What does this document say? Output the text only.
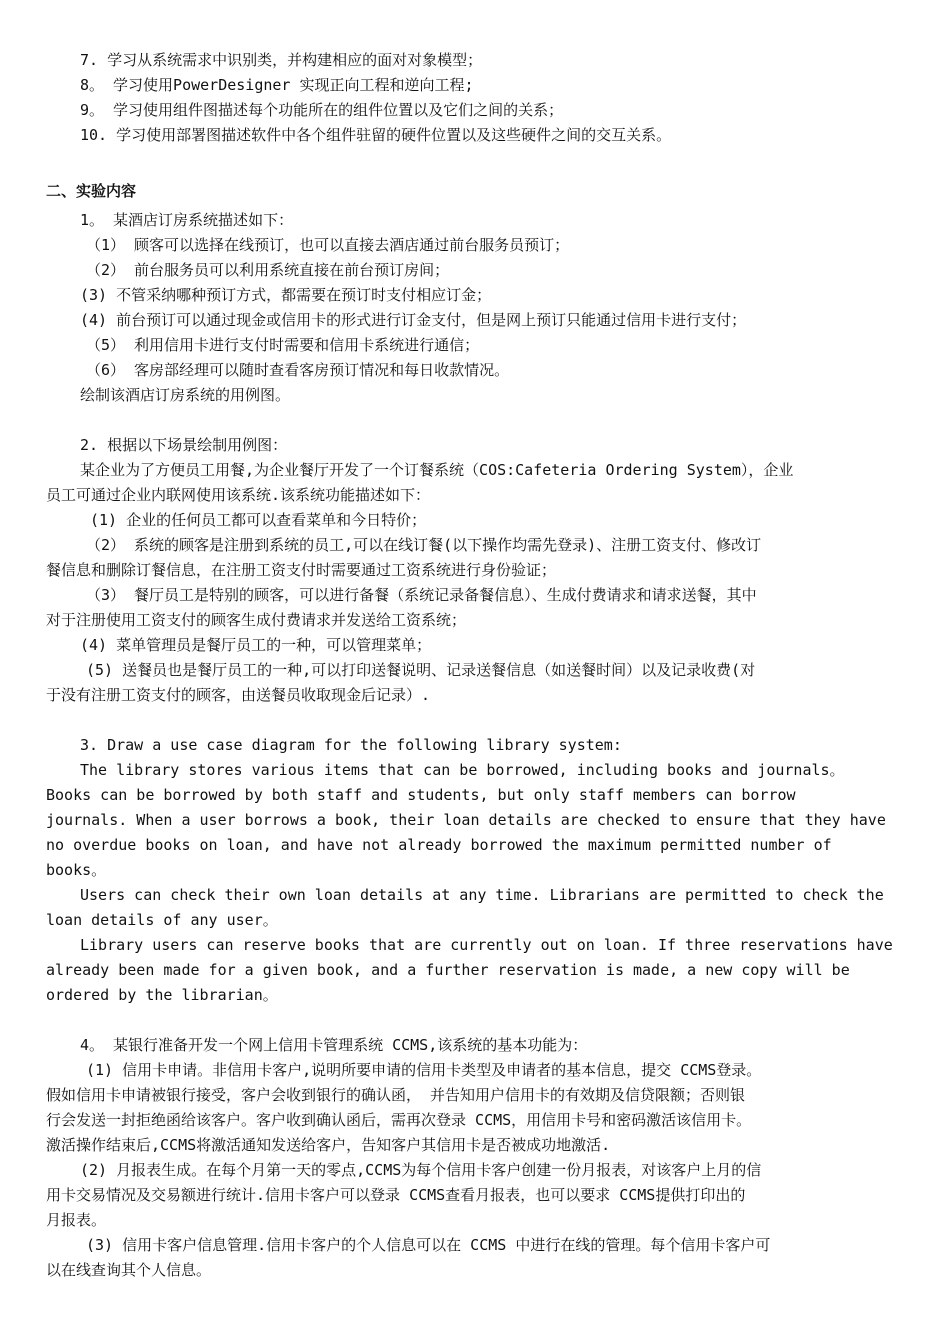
7. 学习从系统需求中识别类，并构建相应的面对对象模型；
8。 学习使用PowerDesigner 实现正向工程和逆向工程;
9。 学习使用组件图描述每个功能所在的组件位置以及它们之间的关系；
10. 学习使用部署图描述软件中各个组件驻留的硬件位置以及这些硬件之间的交互关系。
二、实验内容
1。 某酒店订房系统描述如下：
（1） 顾客可以选择在线预订，也可以直接去酒店通过前台服务员预订；
（2） 前台服务员可以利用系统直接在前台预订房间；
(3) 不管采纳哪种预订方式，都需要在预订时支付相应订金；
(4) 前台预订可以通过现金或信用卡的形式进行订金支付，但是网上预订只能通过信用卡进行支付；
（5） 利用信用卡进行支付时需要和信用卡系统进行通信；
（6） 客房部经理可以随时查看客房预订情况和每日收款情况。
绘制该酒店订房系统的用例图。
2. 根据以下场景绘制用例图：
某企业为了方便员工用餐,为企业餐厅开发了一个订餐系统（COS:Cafeteria Ordering System），企业
员工可通过企业内联网使用该系统.该系统功能描述如下：
(1) 企业的任何员工都可以查看菜单和今日特价；
（2） 系统的顾客是注册到系统的员工,可以在线订餐(以下操作均需先登录)、注册工资支付、修改订
餐信息和删除订餐信息，在注册工资支付时需要通过工资系统进行身份验证；
（3） 餐厅员工是特别的顾客，可以进行备餐（系统记录备餐信息）、生成付费请求和请求送餐，其中
对于注册使用工资支付的顾客生成付费请求并发送给工资系统；
(4) 菜单管理员是餐厅员工的一种，可以管理菜单；
(5) 送餐员也是餐厅员工的一种,可以打印送餐说明、记录送餐信息（如送餐时间）以及记录收费(对
于没有注册工资支付的顾客，由送餐员收取现金后记录）.
3. Draw a use case diagram for the following library system:
The library stores various items that can be borrowed, including books and journals。
Books can be borrowed by both staff and students, but only staff members can borrow
journals. When a user borrows a book, their loan details are checked to ensure that they have
no overdue books on loan, and have not already borrowed the maximum permitted number of
books。
Users can check their own loan details at any time. Librarians are permitted to check the
loan details of any user。
Library users can reserve books that are currently out on loan. If three reservations have
already been made for a given book, and a further reservation is made, a new copy will be
ordered by the librarian。
4。 某银行准备开发一个网上信用卡管理系统 CCMS,该系统的基本功能为：
(1) 信用卡申请。非信用卡客户,说明所要申请的信用卡类型及申请者的基本信息，提交 CCMS登录。
假如信用卡申请被银行接受，客户会收到银行的确认函， 并告知用户信用卡的有效期及信贷限额；否则银
行会发送一封拒绝函给该客户。客户收到确认函后，需再次登录 CCMS，用信用卡号和密码激活该信用卡。
激活操作结束后,CCMS将激活通知发送给客户，告知客户其信用卡是否被成功地激活.
(2) 月报表生成。在每个月第一天的零点,CCMS为每个信用卡客户创建一份月报表，对该客户上月的信
用卡交易情况及交易额进行统计.信用卡客户可以登录 CCMS查看月报表，也可以要求 CCMS提供打印出的
月报表。
(3) 信用卡客户信息管理.信用卡客户的个人信息可以在 CCMS 中进行在线的管理。每个信用卡客户可
以在线查询其个人信息。
